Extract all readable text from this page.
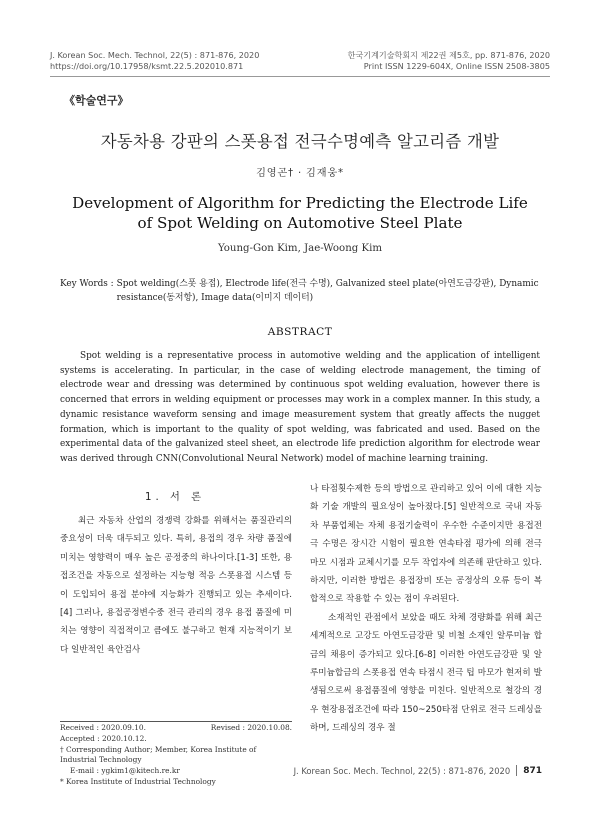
J. Korean Soc. Mech. Technol, 22(5) : 871-876, 2020	한국기계기술학회지 제22권 제5호, pp. 871-876, 2020
https://doi.org/10.17958/ksmt.22.5.202010.871	Print ISSN 1229-604X, Online ISSN 2508-3805
《학술연구》
자동차용 강판의 스폿용접 전극수명예측 알고리즘 개발
김영곤† · 김재웅*
Development of Algorithm for Predicting the Electrode Life
of Spot Welding on Automotive Steel Plate
Young-Gon Kim, Jae-Woong Kim
Key Words : Spot welding(스폿 용접), Electrode life(전극 수명), Galvanized steel plate(아연도금강판), Dynamic resistance(동저항), Image data(이미지 데이터)
ABSTRACT

Spot welding is a representative process in automotive welding and the application of intelligent systems is accelerating. In particular, in the case of welding electrode management, the timing of electrode wear and dressing was determined by continuous spot welding evaluation, however there is concerned that errors in welding equipment or processes may work in a complex manner. In this study, a dynamic resistance waveform sensing and image measurement system that greatly affects the nugget formation, which is important to the quality of spot welding, was fabricated and used. Based on the experimental data of the galvanized steel sheet, an electrode life prediction algorithm for electrode wear was derived through CNN(Convolutional Neural Network) model of machine learning training.

1. 서 론

최근 자동차 산업의 경쟁력 강화를 위해서는 품질관리의 중요성이 더욱 대두되고 있다. 특히, 용접의 경우 차량 품질에 미치는 영향력이 매우 높은 공정중의 하나이다.[1-3] 또한, 용접조건을 자동으로 설정하는 지능형 적응 스폿용접 시스템 등이 도입되어 용접 분야에 지능화가 진행되고 있는 추세이다.[4] 그러나, 용접공정변수중 전극 관리의 경우 용접 품질에 미치는 영향이 직접적이고 큼에도 불구하고 현재 지능적이기 보다 일반적인 육안검사

나 타점횟수제한 등의 방법으로 관리하고 있어 이에 대한 지능화 기술 개발의 필요성이 높아졌다.[5] 일반적으로 국내 자동차 부품업체는 자체 용접기술력이 우수한 수준이지만 용접전극 수명은 장시간 시험이 필요한 연속타점 평가에 의해 전극 마모 시점과 교체시기를 모두 작업자에 의존해 판단하고 있다. 하지만, 이러한 방법은 용접장비 또는 공정상의 오류 등이 복합적으로 작용할 수 있는 점이 우려된다.

소재적인 관점에서 보았을 때도 차체 경량화를 위해 최근 세계적으로 고강도 아연도금강판 및 비철 소재인 알루미늄 합금의 채용이 증가되고 있다.[6-8] 이러한 아연도금강판 및 알루미늄합금의 스폿용접 연속 타점시 전극 팁 마모가 현저히 발생됨으로써 용접품질에 영향을 미친다. 일반적으로 철강의 경우 현장용접조건에 따라 150~250타점 단위로 전극 드레싱을 하며, 드레싱의 경우 절

Received : 2020.09.10.	Revised : 2020.10.08.
Accepted : 2020.10.12.
† Corresponding Author; Member, Korea Institute of Industrial Technology
E-mail : ygkim1@kitech.re.kr
* Korea Institute of Industrial Technology
J. Korean Soc. Mech. Technol, 22(5) : 871-876, 2020 871
